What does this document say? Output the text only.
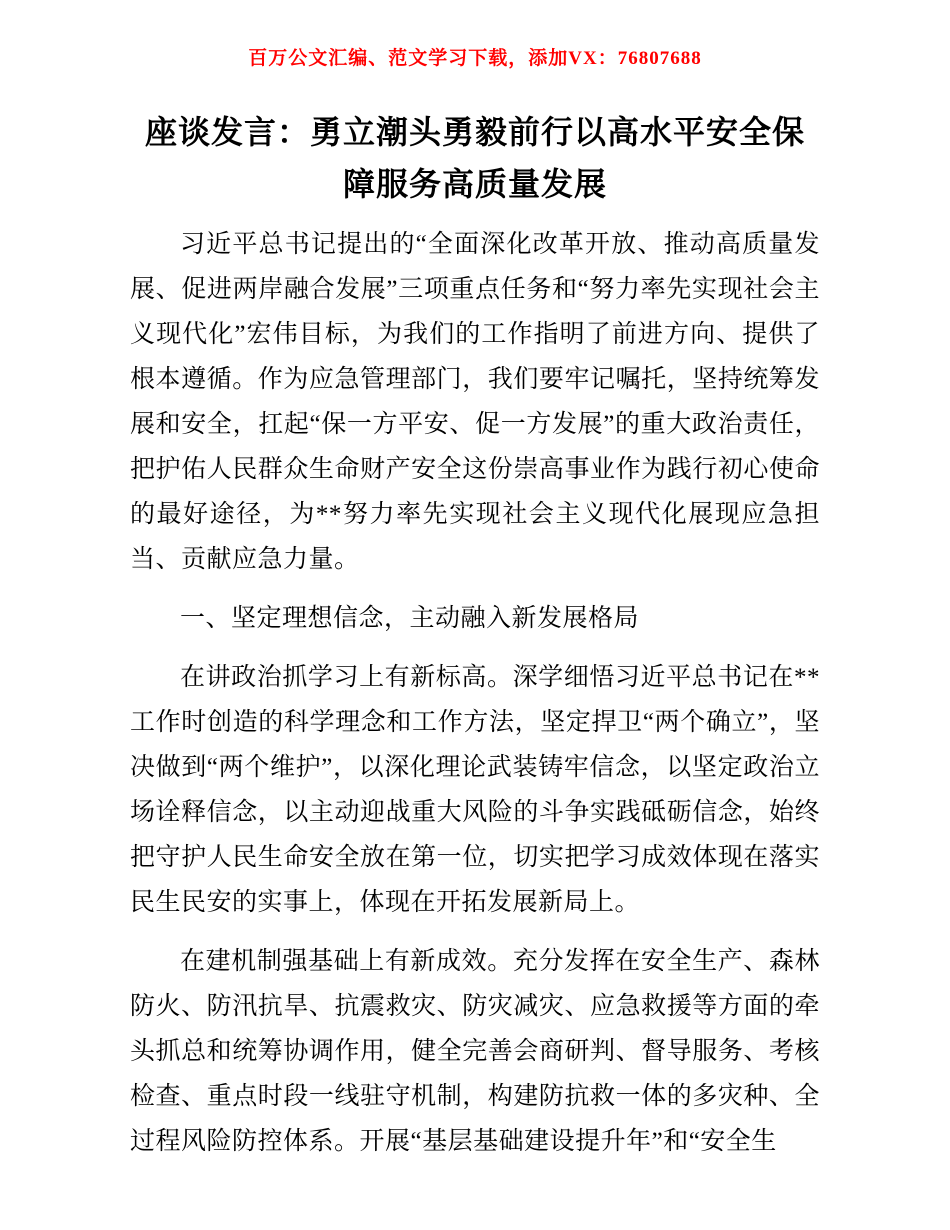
百万公文汇编、范文学习下载，添加VX：76807688
座谈发言：勇立潮头勇毅前行以高水平安全保障服务高质量发展

习近平总书记提出的“全面深化改革开放、推动高质量发展、促进两岸融合发展”三项重点任务和“努力率先实现社会主义现代化”宏伟目标，为我们的工作指明了前进方向、提供了根本遵循。作为应急管理部门，我们要牢记嘱托，坚持统筹发展和安全，扛起“保一方平安、促一方发展”的重大政治责任，把护佑人民群众生命财产安全这份崇高事业作为践行初心使命的最好途径，为**努力率先实现社会主义现代化展现应急担当、贡献应急力量。

一、坚定理想信念，主动融入新发展格局

在讲政治抓学习上有新标高。深学细悟习近平总书记在**工作时创造的科学理念和工作方法，坚定捍卫“两个确立”，坚决做到“两个维护”，以深化理论武装铸牢信念，以坚定政治立场诠释信念，以主动迎战重大风险的斗争实践砥砺信念，始终把守护人民生命安全放在第一位，切实把学习成效体现在落实民生民安的实事上，体现在开拓发展新局上。

在建机制强基础上有新成效。充分发挥在安全生产、森林防火、防汛抗旱、抗震救灾、防灾减灾、应急救援等方面的牵头抓总和统筹协调作用，健全完善会商研判、督导服务、考核检查、重点时段一线驻守机制，构建防抗救一体的多灾种、全过程风险防控体系。开展“基层基础建设提升年”和“安全生
